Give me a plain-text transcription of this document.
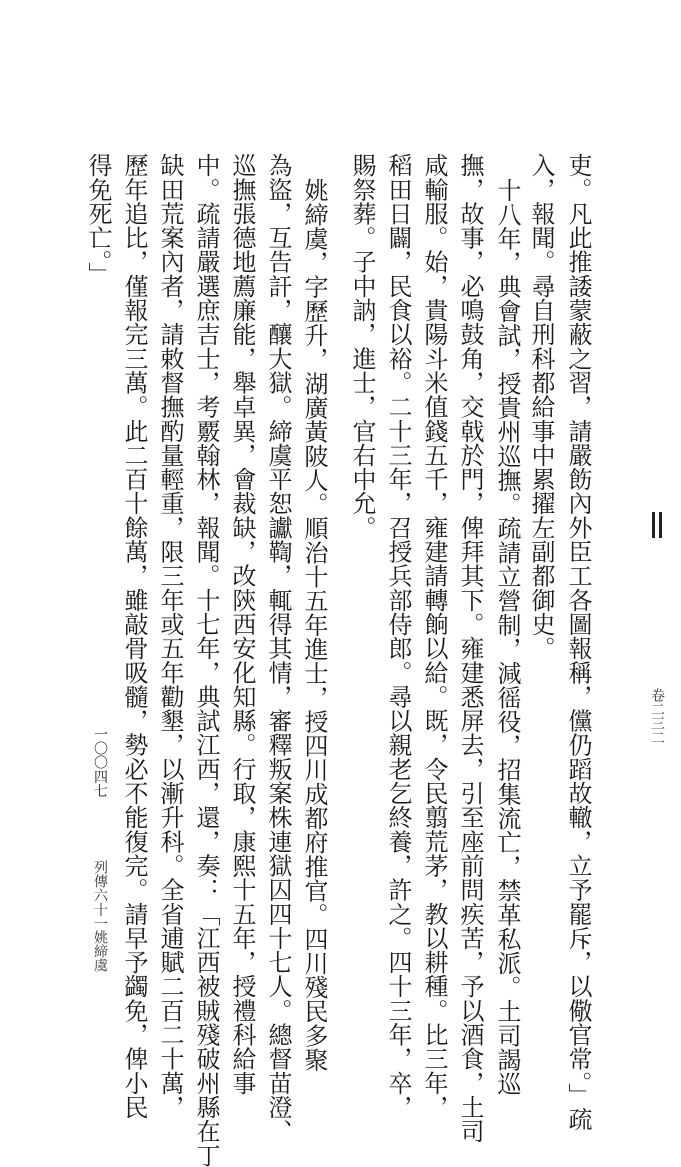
吏。凡此推諉蒙蔽之習，請嚴飭內外臣工各圖報稱，儻仍蹈故轍，立予罷斥，以儆官常。」疏
入，報聞。尋自刑科都給事中累擢左副都御史。
十八年，典會試，授貴州巡撫。疏請立營制，減徭役，招集流亡，禁革私派。土司謁巡
撫，故事，必鳴鼓角，交戟於門，俾拜其下。雍建悉屏去，引至座前問疾苦，予以酒食，土司
咸輸服。始，貴陽斗米值錢五千，雍建請轉餉以給。既，令民翦荒茅，教以耕種。比三年，
稻田日闢，民食以裕。二十三年，召授兵部侍郎。尋以親老乞終養，許之。四十三年，卒，
賜祭葬。子中訥，進士，官右中允。
姚締虞，字歷升，湖廣黃陂人。順治十五年進士，授四川成都府推官。四川殘民多聚
為盜，互告訐，釀大獄。締虞平恕讞鞫，輒得其情，審釋叛案株連獄囚四十七人。總督苗澄、
巡撫張德地薦廉能，舉卓異，會裁缺，改陝西安化知縣。行取，康熙十五年，授禮科給事
中。疏請嚴選庶吉士，考覈翰林，報聞。十七年，典試江西，還，奏：「江西被賊殘破州縣在丁
缺田荒案內者，請敕督撫酌量輕重，限三年或五年勸墾，以漸升科。全省逋賦二百二十萬，
歷年追比，僅報完三萬。此二百十餘萬，雖敲骨吸髓，勢必不能復完。請早予蠲免，俾小民
得免死亡。」
卷二三二
列傳六十一
姚締虞
一〇〇四七
